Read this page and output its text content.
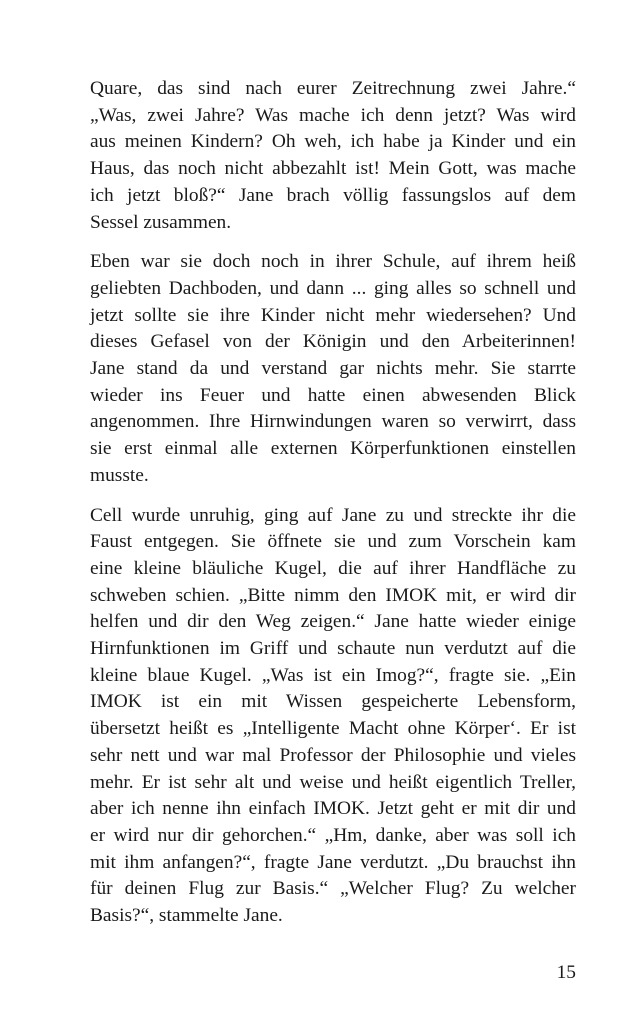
Quare, das sind nach eurer Zeitrechnung zwei Jahre.“
„Was, zwei Jahre? Was mache ich denn jetzt? Was wird
aus meinen Kindern? Oh weh, ich habe ja Kinder und ein
Haus, das noch nicht abbezahlt ist! Mein Gott, was mache
ich jetzt bloß?“ Jane brach völlig fassungslos auf dem
Sessel zusammen.

Eben war sie doch noch in ihrer Schule, auf ihrem heiß
geliebten Dachboden, und dann ... ging alles so schnell und
jetzt sollte sie ihre Kinder nicht mehr wiedersehen? Und
dieses Gefasel von der Königin und den Arbeiterinnen!
Jane stand da und verstand gar nichts mehr. Sie starrte
wieder ins Feuer und hatte einen abwesenden Blick
angenommen. Ihre Hirnwindungen waren so verwirrt, dass
sie erst einmal alle externen Körperfunktionen einstellen
musste.

Cell wurde unruhig, ging auf Jane zu und streckte ihr die
Faust entgegen. Sie öffnete sie und zum Vorschein kam
eine kleine bläuliche Kugel, die auf ihrer Handfläche zu
schweben schien. „Bitte nimm den IMOK mit, er wird dir
helfen und dir den Weg zeigen.“ Jane hatte wieder einige
Hirnfunktionen im Griff und schaute nun verdutzt auf die
kleine blaue Kugel. „Was ist ein Imog?“, fragte sie. „Ein
IMOK ist ein mit Wissen gespeicherte Lebensform,
übersetzt heißt es „Intelligente Macht ohne Körper‘. Er ist
sehr nett und war mal Professor der Philosophie und vieles
mehr. Er ist sehr alt und weise und heißt eigentlich Treller,
aber ich nenne ihn einfach IMOK. Jetzt geht er mit dir und
er wird nur dir gehorchen.“ „Hm, danke, aber was soll ich
mit ihm anfangen?“, fragte Jane verdutzt. „Du brauchst ihn
für deinen Flug zur Basis.“ „Welcher Flug? Zu welcher
Basis?“, stammelte Jane.

15
